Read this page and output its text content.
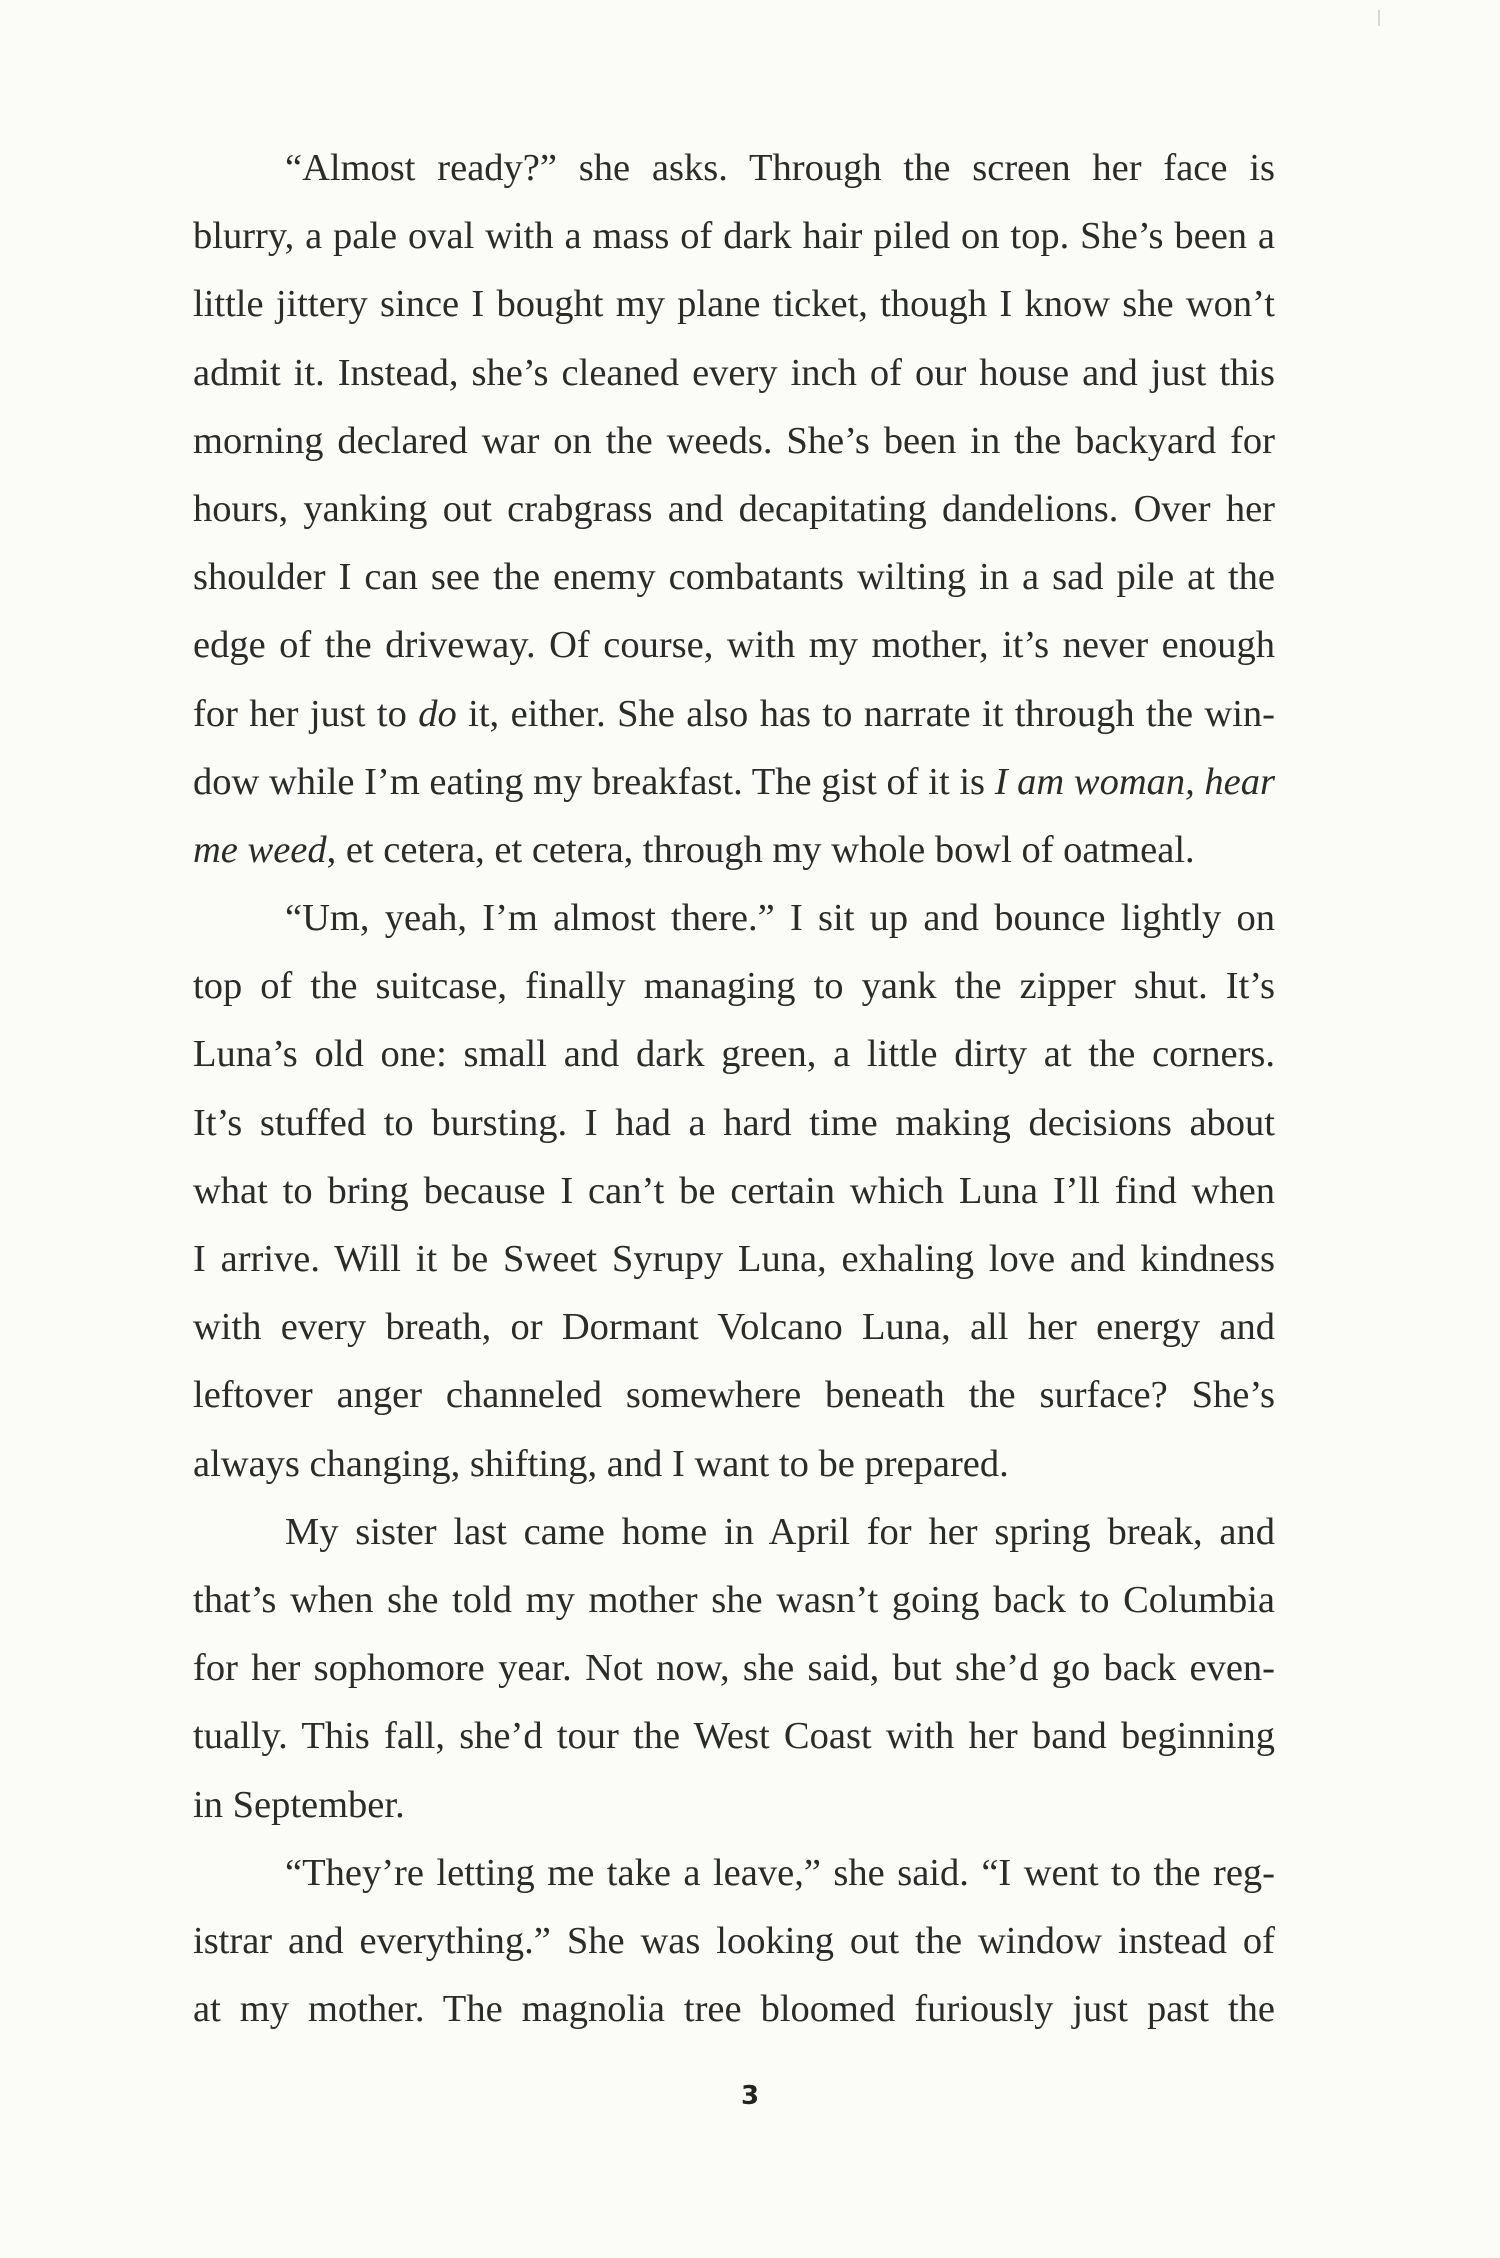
“Almost ready?” she asks. Through the screen her face is
blurry, a pale oval with a mass of dark hair piled on top. She’s been a
little jittery since I bought my plane ticket, though I know she won’t
admit it. Instead, she’s cleaned every inch of our house and just this
morning declared war on the weeds. She’s been in the backyard for
hours, yanking out crabgrass and decapitating dandelions. Over her
shoulder I can see the enemy combatants wilting in a sad pile at the
edge of the driveway. Of course, with my mother, it’s never enough
for her just to do it, either. She also has to narrate it through the win-
dow while I’m eating my breakfast. The gist of it is I am woman, hear
me weed, et cetera, et cetera, through my whole bowl of oatmeal.
“Um, yeah, I’m almost there.” I sit up and bounce lightly on
top of the suitcase, finally managing to yank the zipper shut. It’s
Luna’s old one: small and dark green, a little dirty at the corners.
It’s stuffed to bursting. I had a hard time making decisions about
what to bring because I can’t be certain which Luna I’ll find when
I arrive. Will it be Sweet Syrupy Luna, exhaling love and kindness
with every breath, or Dormant Volcano Luna, all her energy and
leftover anger channeled somewhere beneath the surface? She’s
always changing, shifting, and I want to be prepared.
My sister last came home in April for her spring break, and
that’s when she told my mother she wasn’t going back to Columbia
for her sophomore year. Not now, she said, but she’d go back even-
tually. This fall, she’d tour the West Coast with her band beginning
in September.
“They’re letting me take a leave,” she said. “I went to the reg-
istrar and everything.” She was looking out the window instead of
at my mother. The magnolia tree bloomed furiously just past the
3
